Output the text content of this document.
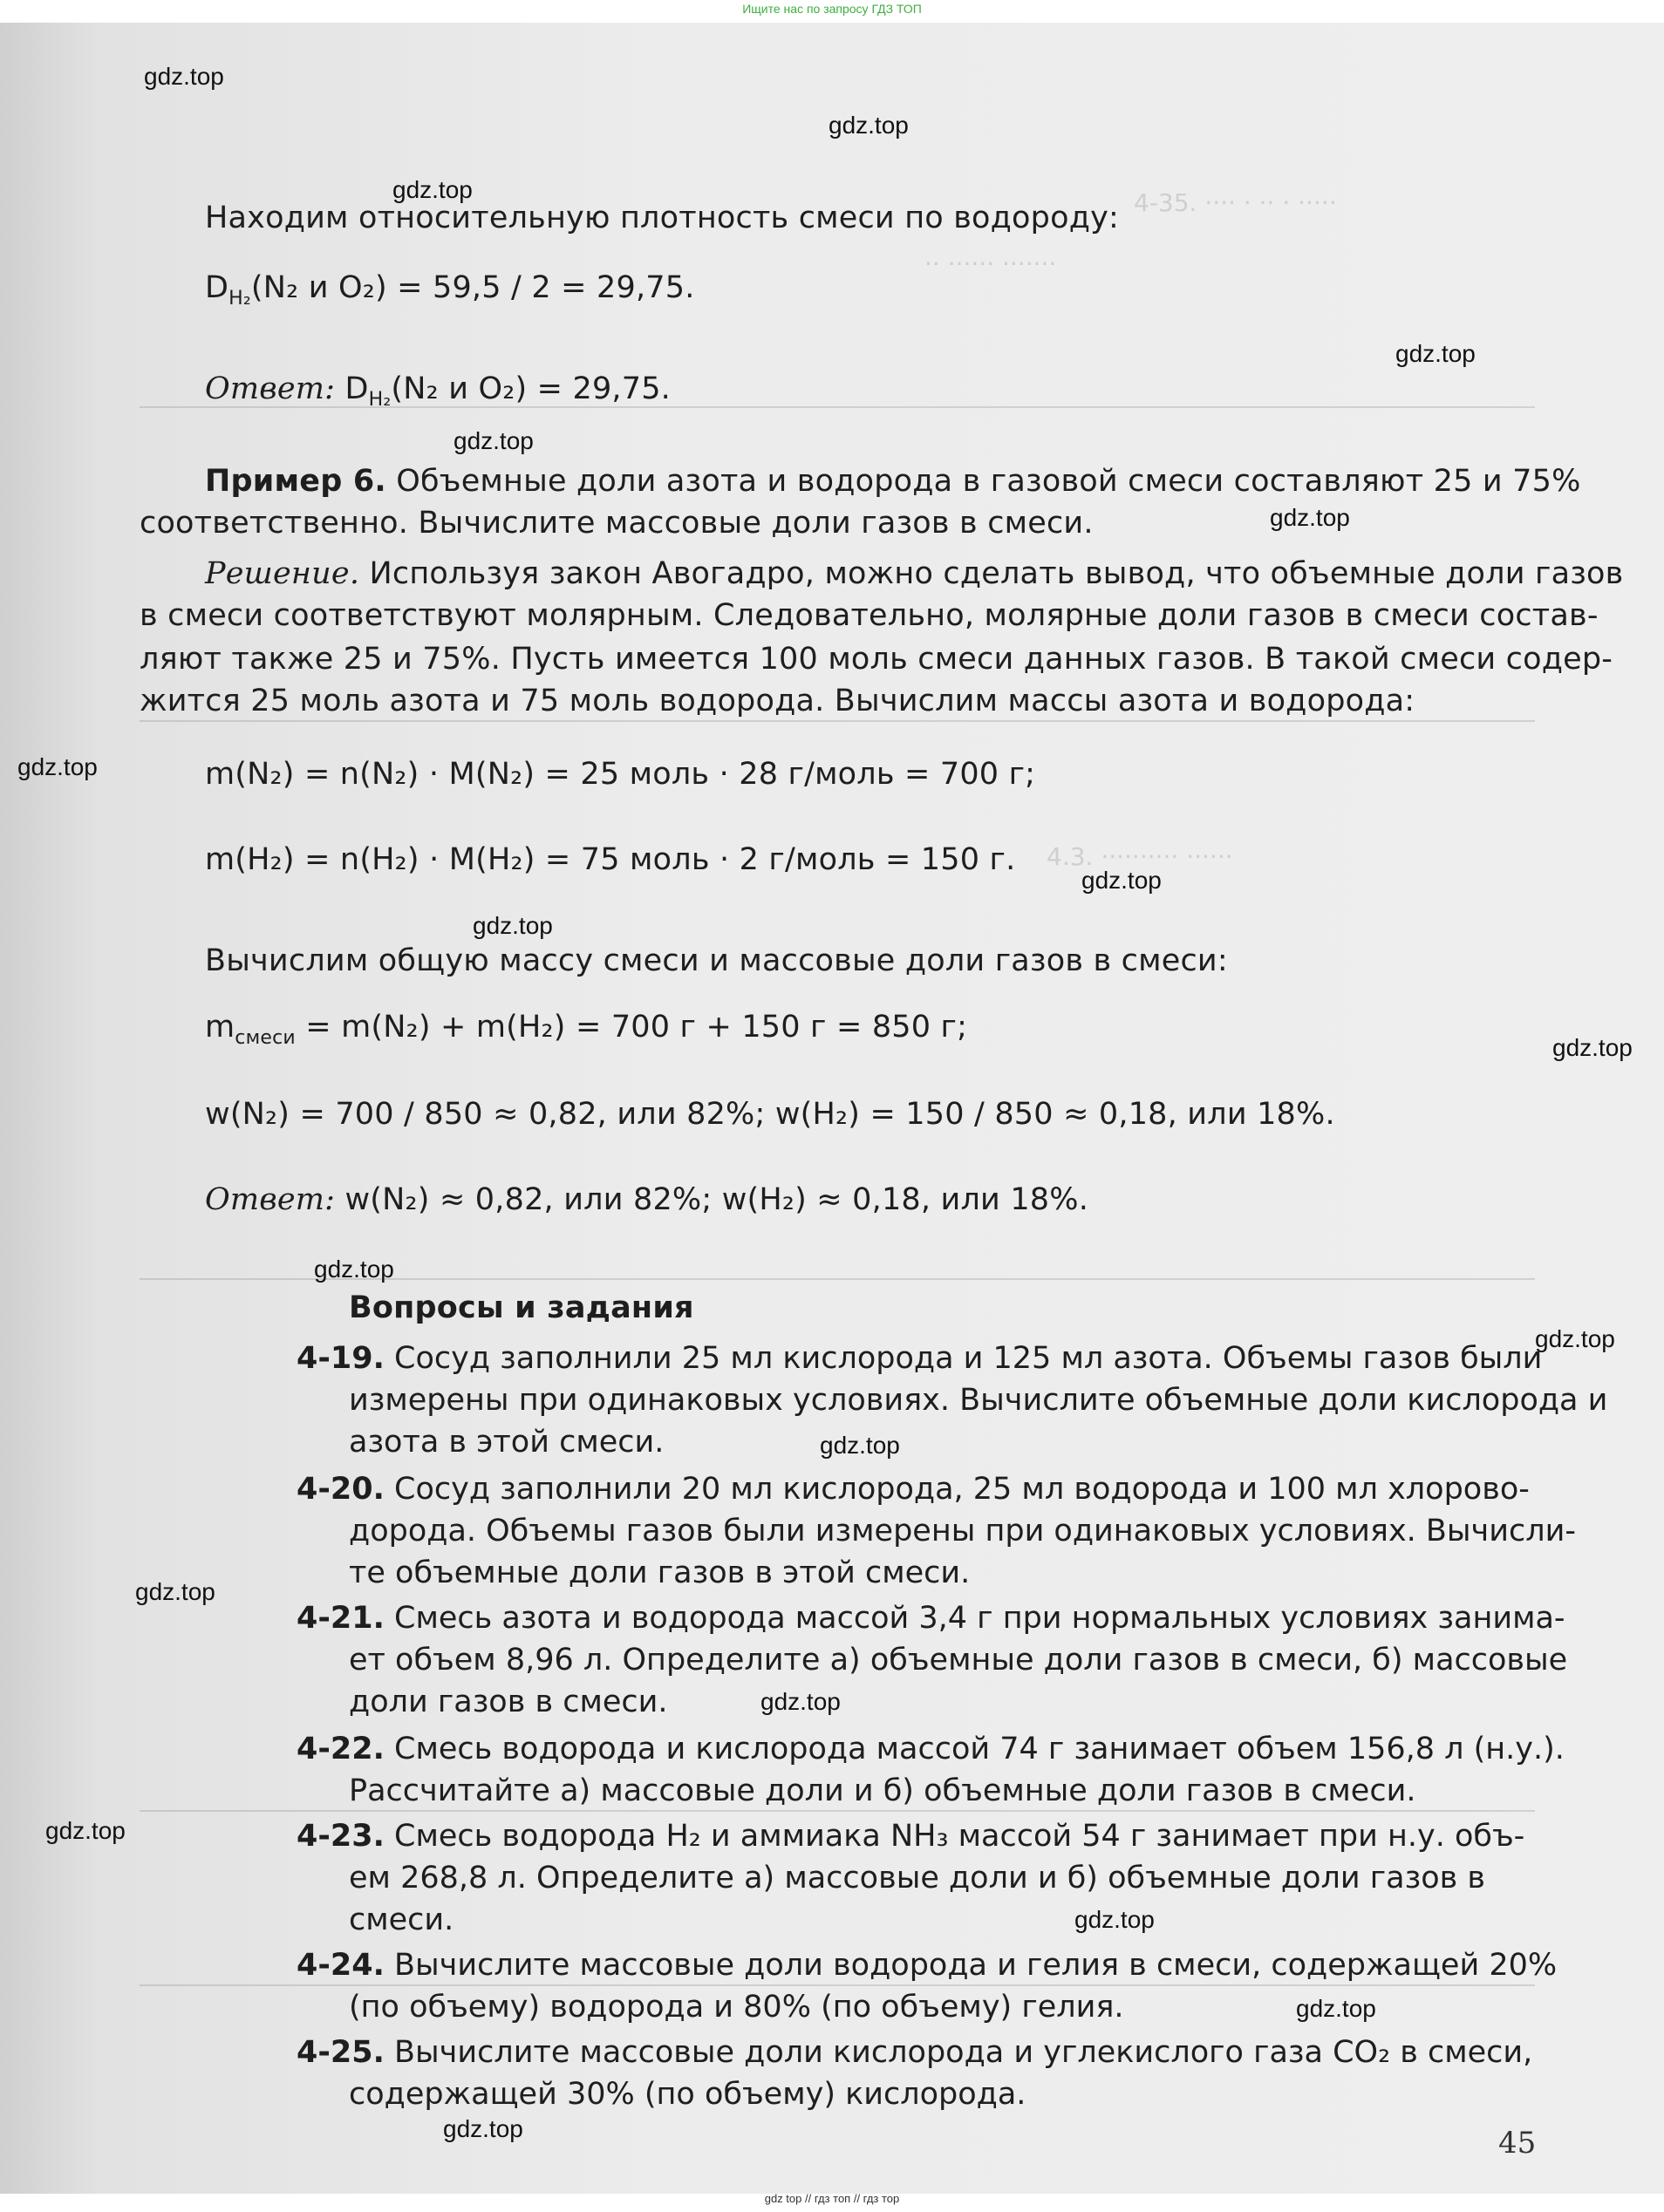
Ищите нас по запросу ГДЗ ТОП
4-35. ···· · ·· · ·····
·· ······ ·······
4.3. ·········· ······
gdz.top
gdz.top
gdz.top
gdz.top
gdz.top
gdz.top
gdz.top
gdz.top
gdz.top
gdz.top
gdz.top
gdz.top
gdz.top
gdz.top
gdz.top
gdz.top
gdz.top
gdz.top
gdz.top
Находим относительную плотность смеси по водороду:
$D_{H_2}(N_2$ и O₂) = 59,5 / 2 = 29,75.
Ответ: $D_{H_2}(N_2$ и O₂) = 29,75.
Пример 6. Объемные доли азота и водорода в газовой смеси составляют 25 и 75%
соответственно. Вычислите массовые доли газов в смеси.
Решение. Используя закон Авогадро, можно сделать вывод, что объемные доли газов
в смеси соответствуют молярным. Следовательно, молярные доли газов в смеси состав-
ляют также 25 и 75%. Пусть имеется 100 моль смеси данных газов. В такой смеси содер-
жится 25 моль азота и 75 моль водорода. Вычислим массы азота и водорода:
m(N₂) = n(N₂) · M(N₂) = 25 моль · 28 г/моль = 700 г;
m(H₂) = n(H₂) · M(H₂) = 75 моль · 2 г/моль = 150 г.
Вычислим общую массу смеси и массовые доли газов в смеси:
$m_{смеси} = m(N_2) + m(H_2) = 700$ г + 150 г = 850 г;
w(N₂) = 700 / 850 ≈ 0,82, или 82%; w(H₂) = 150 / 850 ≈ 0,18, или 18%.
Ответ: w(N₂) ≈ 0,82, или 82%; w(H₂) ≈ 0,18, или 18%.
Вопросы и задания
4-19. Сосуд заполнили 25 мл кислорода и 125 мл азота. Объемы газов были
измерены при одинаковых условиях. Вычислите объемные доли кислорода и
азота в этой смеси.
4-20. Сосуд заполнили 20 мл кислорода, 25 мл водорода и 100 мл хлорово-
дорода. Объемы газов были измерены при одинаковых условиях. Вычисли-
те объемные доли газов в этой смеси.
4-21. Смесь азота и водорода массой 3,4 г при нормальных условиях занима-
ет объем 8,96 л. Определите а) объемные доли газов в смеси, б) массовые
доли газов в смеси.
4-22. Смесь водорода и кислорода массой 74 г занимает объем 156,8 л (н.у.).
Рассчитайте а) массовые доли и б) объемные доли газов в смеси.
4-23. Смесь водорода H₂ и аммиака NH₃ массой 54 г занимает при н.у. объ-
ем 268,8 л. Определите а) массовые доли и б) объемные доли газов в
смеси.
4-24. Вычислите массовые доли водорода и гелия в смеси, содержащей 20%
(по объему) водорода и 80% (по объему) гелия.
4-25. Вычислите массовые доли кислорода и углекислого газа CO₂ в смеси,
содержащей 30% (по объему) кислорода.
45
gdz top // гдз топ // гдз тор
